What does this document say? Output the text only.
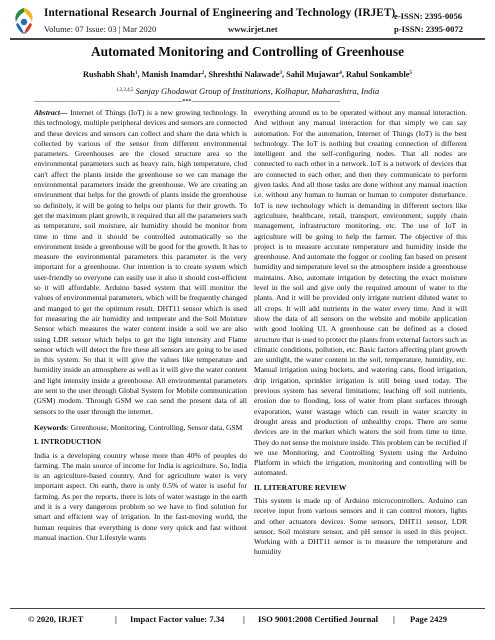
International Research Journal of Engineering and Technology (IRJET)
Volume: 07 Issue: 03 | Mar 2020	www.irjet.net
e-ISSN: 2395-0056
p-ISSN: 2395-0072
Automated Monitoring and Controlling of Greenhouse
Rushabh Shah$^1$, Manish Inamdar$^2$, Shreshthi Nalawade$^3$, Sahil Mujawar$^4$, Rahul Sonkamble$^5$
$^{1,2,3,4,5}$ Sanjay Ghodawat Group of Institutions, Kolhapur, Maharashtra, India
---------------------------------------------------------------------------------------------------***---------------------------------------------------------------------------------------------------

Abstract— Internet of Things (IoT) is a new growing technology. In this technology, multiple peripheral devices and sensors are connected and these devices and sensors can collect and share the data which is collected by various of the sensor from different environmental parameters. Greenhouses are the closed structure area so the environmental parameters such as heavy rain, high temperature, clod can't affect the plants inside the greenhouse so we can manage the environmental parameters inside the greenhouse. We are creating an environment that helps for the growth of plants inside the greenhouse so definitely, it will be going to helps our plants for their growth. To get the maximum plant growth, it required that all the parameters such as temperature, soil moisture, air humidity should be monitor from time to time and it should be controlled automatically so the environment inside a greenhouse will be good for the growth. It has to measure the environmental parameters this parameter is the very important for a greenhouse. Our intention is to create system which user-friendly so everyone can easily use it also it should cost-efficient so it will affordable. Arduino based system that will monitor the values of environmental parameters, which will be frequently changed and manged to get the optimum result. DHT11 sensor which is used for measuring the air humidity and temperate and the Soil Moisture Sensor which measures the water content inside a soil we are also using LDR sensor which helps to get the light intensity and Flame sensor which will detect the fire these all sensors are going to be used in this system. So that it will give the values like temperature and humidity inside an atmosphere as well as it will give the water content and light intensity inside a greenhouse. All environmental parameters are sent to the user through Global System for Mobile communication (GSM) modem. Through GSM we can send the present data of all sensors to the user through the internet.

Keywords: Greenhouse, Monitoring, Controlling, Sensor data, GSM

I. INTRODUCTION

India is a developing country whose more than 40% of peoples do farming. The main source of income for India is agriculture. So, India is an agriculture-based country. And for agriculture water is very important aspect. On earth, there is only 0.5% of water is useful for farming. As per the reports, there is lots of water wastage in the earth and it is a very dangerous problem so we have to find solution for smart and efficient way of irrigation. In the fast-moving world, the human requires that everything is done very quick and fast without manual inaction. Our Lifestyle wants

everything around us to be operated without any manual interaction. And without any manual interaction for that simply we can say automation. For the automation, Internet of Things (IoT) is the best technology. The IoT is nothing but creating connection of different intelligent and the self-configuring nodes. That all nodes are connected to each other in a network. IoT is a network of devices that are connected to each other, and then they communicate to perform given tasks. And all those tasks are done without any manual inaction i.e. without any human to human or human to computer disturbance. IoT is new technology which is demanding in different sectors like agriculture, healthcare, retail, transport, environment, supply chain management, infrastructure monitoring, etc. The use of IoT in agriculture will be going to help the farmer. The objective of this project is to measure accurate temperature and humidity inside the greenhouse. And automate the foggor or cooling fan based on present humidity and temperature level so the atmosphere inside a greenhouse maintains. Also, automate irrigation by detecting the exact moisture level in the soil and give only the required amount of water to the plants. And it will be provided only irrigate nutrient diluted water to all crops. It will add nutrients in the water every time. And it will show the data of all sensors on the website and mobile application with good looking UI. A greenhouse can be defined as a closed structure that is used to protect the plants from external factors such as climatic conditions, pollution, etc. Basic factors affecting plant growth are sunlight, the water content in the soil, temperature, humidity, etc. Manual irrigation using buckets, and watering cans, flood irrigation, drip irrigation, sprinkler irrigation is still being used today. The previous system has several limitations; leaching off soil nutrients, erosion due to flooding, loss of water from plant surfaces through evaporation, water wastage which can result in water scarcity in drought areas and production of unhealthy crops. There are some devices are in the market which waters the soil from time to time. They do not sense the moisture inside. This problem can be rectified if we use Monitoring, and Controlling System using the Arduino Platform in which the irrigation, monitoring and controlling will be automated.

II. LITERATURE REVIEW

This system is made up of Arduino microcontrollers. Arduino can receive input from various sensors and it can control motors, lights and other actuators devices. Some sensors, DHT11 sensor, LDR sensor, Soil moisture sensor, and pH sensor is used in this project. Working with a DHT11 sensor is to measure the temperature and humidity

© 2020, IRJET	| Impact Factor value: 7.34 | ISO 9001:2008 Certified Journal | Page 2429
